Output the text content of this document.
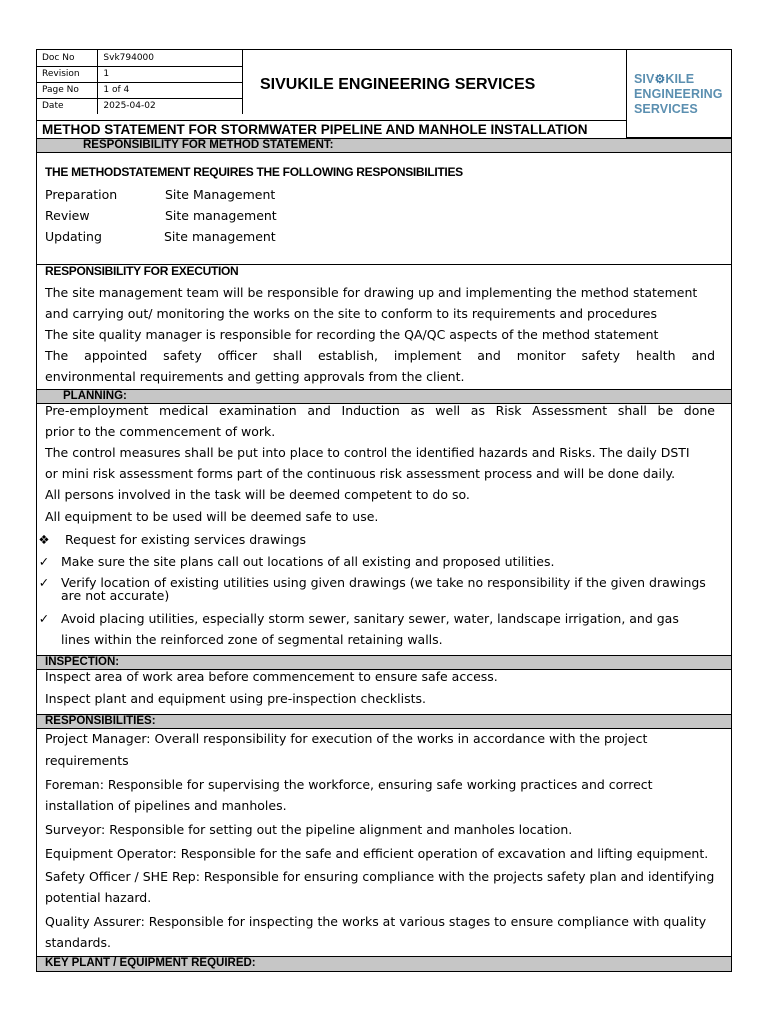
Doc No	Svk794000
Revision	1
Page No	1 of 4
Date	2025-04-02
SIVUKILE ENGINEERING SERVICES	SIV⚙KILE
ENGINEERING
SERVICES
METHOD STATEMENT FOR STORMWATER PIPELINE AND MANHOLE INSTALLATION
RESPONSIBILITY FOR METHOD STATEMENT:
THE METHODSTATEMENT REQUIRES THE FOLLOWING RESPONSIBILITIES
Preparation	Site Management
Review	Site management
Updating	Site management
RESPONSIBILITY FOR EXECUTION
The site management team will be responsible for drawing up and implementing the method statement
and carrying out/ monitoring the works on the site to conform to its requirements and procedures
The site quality manager is responsible for recording the QA/QC aspects of the method statement
The appointed safety officer shall establish, implement and monitor safety health and
environmental requirements and getting approvals from the client.
PLANNING:
Pre-employment medical examination and Induction as well as Risk Assessment shall be done
prior to the commencement of work.
The control measures shall be put into place to control the identified hazards and Risks. The daily DSTI
or mini risk assessment forms part of the continuous risk assessment process and will be done daily.
All persons involved in the task will be deemed competent to do so.
All equipment to be used will be deemed safe to use.
❖ Request for existing services drawings
✓ Make sure the site plans call out locations of all existing and proposed utilities.
✓ Verify location of existing utilities using given drawings (we take no responsibility if the given drawings
are not accurate)
✓ Avoid placing utilities, especially storm sewer, sanitary sewer, water, landscape irrigation, and gas
lines within the reinforced zone of segmental retaining walls.
INSPECTION:
Inspect area of work area before commencement to ensure safe access.
Inspect plant and equipment using pre-inspection checklists.
RESPONSIBILITIES:
Project Manager: Overall responsibility for execution of the works in accordance with the project
requirements
Foreman: Responsible for supervising the workforce, ensuring safe working practices and correct
installation of pipelines and manholes.
Surveyor: Responsible for setting out the pipeline alignment and manholes location.
Equipment Operator: Responsible for the safe and efficient operation of excavation and lifting equipment.
Safety Officer / SHE Rep: Responsible for ensuring compliance with the projects safety plan and identifying
potential hazard.
Quality Assurer: Responsible for inspecting the works at various stages to ensure compliance with quality
standards.
KEY PLANT / EQUIPMENT REQUIRED:
